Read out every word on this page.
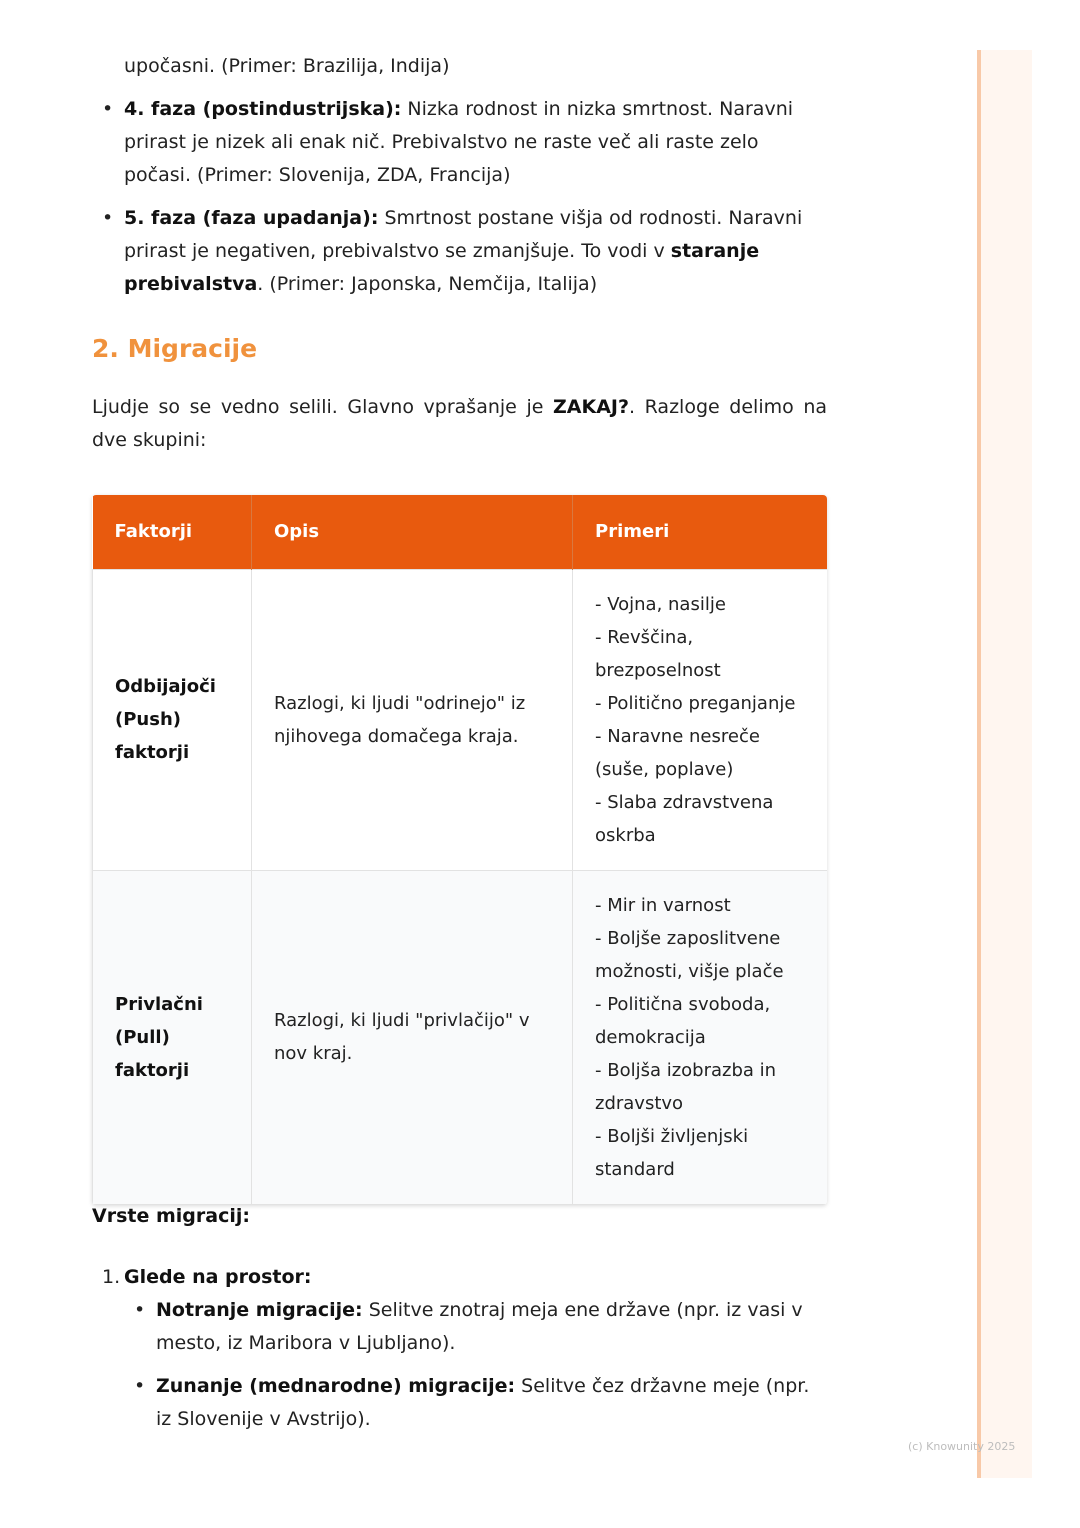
upočasni. (Primer: Brazilija, Indija)
• 4. faza (postindustrijska): Nizka rodnost in nizka smrtnost. Naravni prirast je nizek ali enak nič. Prebivalstvo ne raste več ali raste zelo počasi. (Primer: Slovenija, ZDA, Francija)
• 5. faza (faza upadanja): Smrtnost postane višja od rodnosti. Naravni prirast je negativen, prebivalstvo se zmanjšuje. To vodi v staranje prebivalstva. (Primer: Japonska, Nemčija, Italija)
2. Migracije
Ljudje so se vedno selili. Glavno vprašanje je ZAKAJ?. Razloge delimo na dve skupini:
Faktorji	Opis	Primeri

Odbijajoči
(Push)
faktorji	Razlogi, ki ljudi "odrinejo" iz njihovega domačega kraja.	- Vojna, nasilje
- Revščina, brezposelnost
- Politično preganjanje
- Naravne nesreče (suše, poplave)
- Slaba zdravstvena oskrba

Privlačni
(Pull) faktorji	Razlogi, ki ljudi "privlačijo" v nov kraj.	- Mir in varnost
- Boljše zaposlitvene možnosti, višje plače
- Politična svoboda, demokracija
- Boljša izobrazba in zdravstvo
- Boljši življenjski standard
Vrste migracij:
1. Glede na prostor:
• Notranje migracije: Selitve znotraj meja ene države (npr. iz vasi v mesto, iz Maribora v Ljubljano).
• Zunanje (mednarodne) migracije: Selitve čez državne meje (npr. iz Slovenije v Avstrijo).
(c) Knowunity 2025
